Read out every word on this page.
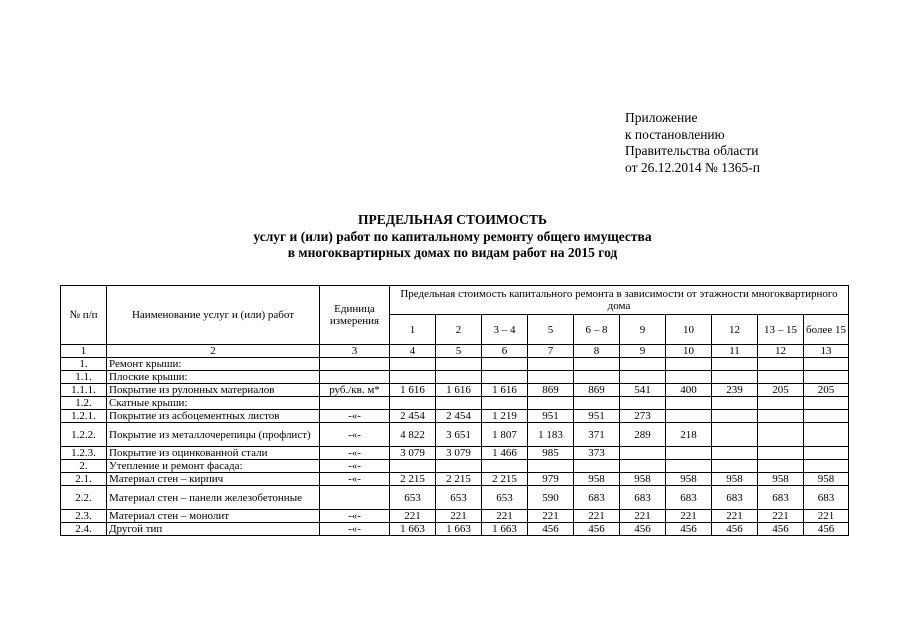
Приложение
к постановлению
Правительства области
от 26.12.2014 № 1365-п
ПРЕДЕЛЬНАЯ СТОИМОСТЬ
услуг и (или) работ по капитальному ремонту общего имущества
в многоквартирных домах по видам работ на 2015 год
№ п/п	Наименование услуг и (или) работ	Единица измерения	Предельная стоимость капитального ремонта в зависимости от этажности многоквартирного дома									
			1	2	3 – 4	5	6 – 8	9	10	12	13 – 15	более 15
1	2	3	4	5	6	7	8	9	10	11	12	13
1.	Ремонт крыши:											
1.1.	Плоские крыши:											
1.1.1.	Покрытие из рулонных материалов	руб./кв. м*	1 616	1 616	1 616	869	869	541	400	239	205	205
1.2.	Скатные крыши:											
1.2.1.	Покрытие из асбоцементных листов	-«-	2 454	2 454	1 219	951	951	273				
1.2.2.	Покрытие из металлочерепицы (профлист)	-«-	4 822	3 651	1 807	1 183	371	289	218			
1.2.3.	Покрытие из оцинкованной стали	-«-	3 079	3 079	1 466	985	373					
2.	Утепление и ремонт фасада:	-«-										
2.1.	Материал стен – кирпич	-«-	2 215	2 215	2 215	979	958	958	958	958	958	958
2.2.	Материал стен – панели железобетонные		653	653	653	590	683	683	683	683	683	683
2.3.	Материал стен – монолит	-«-	221	221	221	221	221	221	221	221	221	221
2.4.	Другой тип	-«-	1 663	1 663	1 663	456	456	456	456	456	456	456
